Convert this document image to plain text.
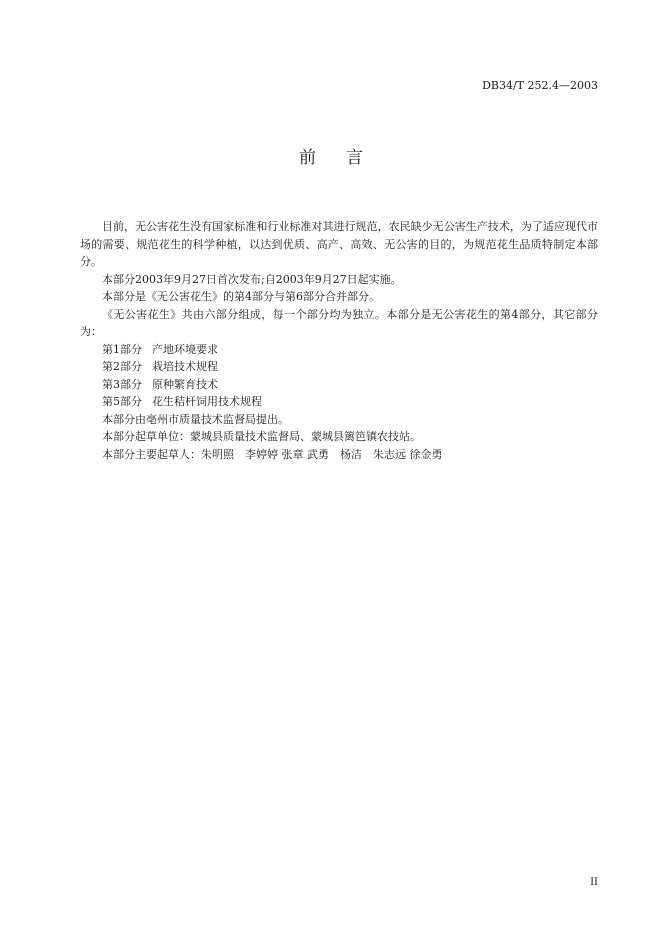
DB34/T 252.4—2003
前言

目前，无公害花生没有国家标准和行业标准对其进行规范，农民缺少无公害生产技术，为了适应现代市场的需要、规范花生的科学种植，以达到优质、高产、高效、无公害的目的，为规范花生品质特制定本部分。

本部分2003年9月27日首次发布;自2003年9月27日起实施。

本部分是《无公害花生》的第4部分与第6部分合并部分。

《无公害花生》共由六部分组成，每一个部分均为独立。本部分是无公害花生的第4部分，其它部分为：

第1部分 产地环境要求

第2部分 栽培技术规程

第3部分 原种繁育技术

第5部分 花生秸杆饲用技术规程

本部分由亳州市质量技术监督局提出。

本部分起草单位：蒙城县质量技术监督局、蒙城县篱笆镇农技站。

本部分主要起草人：朱明照　李婷婷 张章 武勇　杨洁　朱志远 徐金勇

II
